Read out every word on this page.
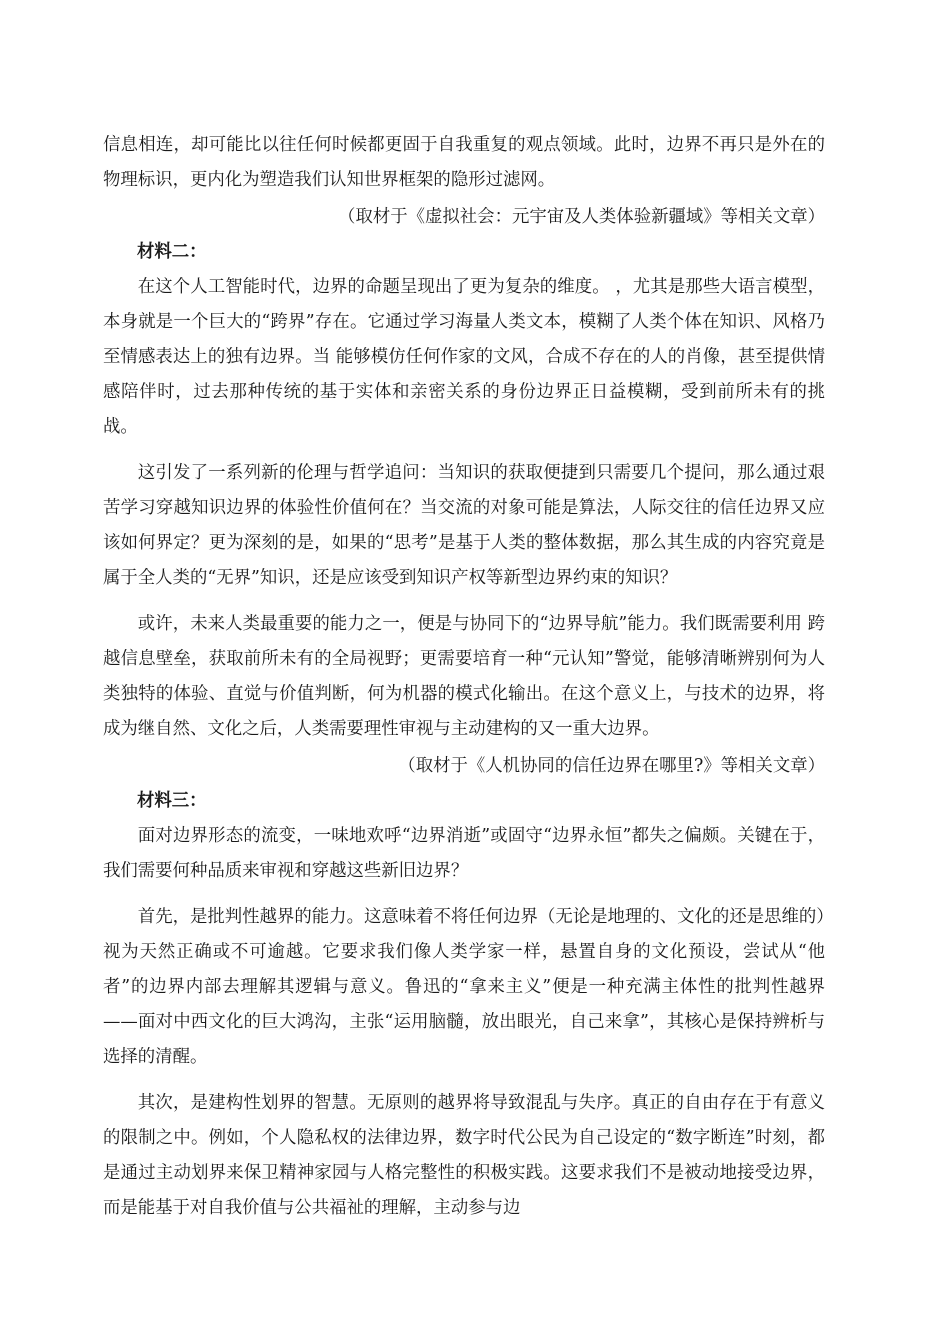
信息相连，却可能比以往任何时候都更固于自我重复的观点领域。此时，边界不再只是外在的物理标识，更内化为塑造我们认知世界框架的隐形过滤网。

（取材于《虚拟社会：元宇宙及人类体验新疆域》等相关文章）

材料二：

在这个人工智能时代，边界的命题呈现出了更为复杂的维度。 ，尤其是那些大语言模型，本身就是一个巨大的“跨界”存在。它通过学习海量人类文本，模糊了人类个体在知识、风格乃至情感表达上的独有边界。当 能够模仿任何作家的文风，合成不存在的人的肖像，甚至提供情感陪伴时，过去那种传统的基于实体和亲密关系的身份边界正日益模糊，受到前所未有的挑战。

这引发了一系列新的伦理与哲学追问：当知识的获取便捷到只需要几个提问，那么通过艰苦学习穿越知识边界的体验性价值何在？当交流的对象可能是算法，人际交往的信任边界又应该如何界定？更为深刻的是，如果的“思考”是基于人类的整体数据，那么其生成的内容究竟是属于全人类的“无界”知识，还是应该受到知识产权等新型边界约束的知识？

或许，未来人类最重要的能力之一，便是与协同下的“边界导航”能力。我们既需要利用 跨越信息壁垒，获取前所未有的全局视野；更需要培育一种“元认知”警觉，能够清晰辨别何为人类独特的体验、直觉与价值判断，何为机器的模式化输出。在这个意义上，与技术的边界，将成为继自然、文化之后，人类需要理性审视与主动建构的又一重大边界。

（取材于《人机协同的信任边界在哪里?》等相关文章）

材料三：

面对边界形态的流变，一味地欢呼“边界消逝”或固守“边界永恒”都失之偏颇。关键在于，我们需要何种品质来审视和穿越这些新旧边界？

首先，是批判性越界的能力。这意味着不将任何边界（无论是地理的、文化的还是思维的）视为天然正确或不可逾越。它要求我们像人类学家一样，悬置自身的文化预设，尝试从“他者”的边界内部去理解其逻辑与意义。鲁迅的“拿来主义”便是一种充满主体性的批判性越界——面对中西文化的巨大鸿沟，主张“运用脑髓，放出眼光，自己来拿”，其核心是保持辨析与选择的清醒。

其次，是建构性划界的智慧。无原则的越界将导致混乱与失序。真正的自由存在于有意义的限制之中。例如，个人隐私权的法律边界，数字时代公民为自己设定的“数字断连”时刻，都是通过主动划界来保卫精神家园与人格完整性的积极实践。这要求我们不是被动地接受边界，而是能基于对自我价值与公共福祉的理解，主动参与边
